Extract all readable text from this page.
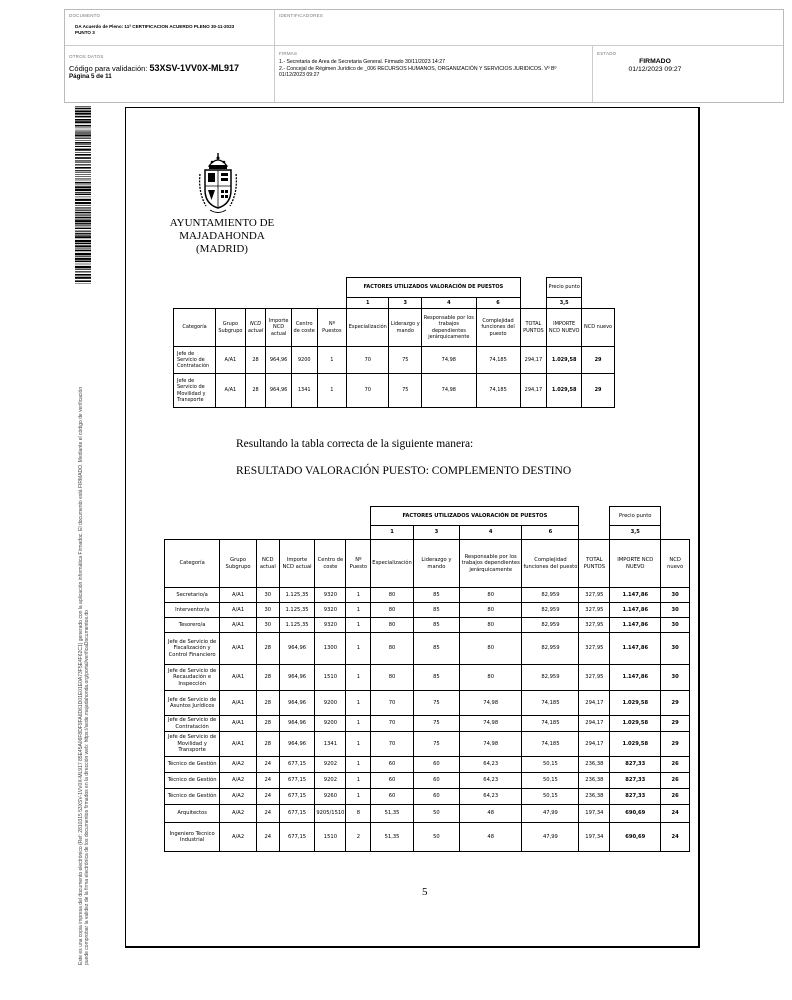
DOCUMENTO
DA Acuerdo de Pleno: 11ª CERTIFICACION ACUERDO PLENO 30-11-2023
PUNTO 3
IDENTIFICADORES
OTROS DATOS
Código para validación: 53XSV-1VV0X-ML917
Página 5 de 11
FIRMAS
1.- Secretaria de Area de Secretaria General. Firmado 30/11/2023 14:27
2.- Concejal de Régimen Jurídico de _006 RECURSOS HUMANOS, ORGANIZACIÓN Y SERVICIOS JURIDICOS. Vº Bº
01/12/2023 09:27
ESTADO
FIRMADO
01/12/2023 09:27
Este es una copia impresa del documento electrónico (Ref: 2810315 53XSV-1VV0X-ML917 85E45A06F8DF9FA6D61D01E01E0A73F5E4F62C1) generado con la aplicación informática Firmadoc. El documento está FIRMADO. Mediante el código de verificación puede comprobar la validez de la firma electrónica de los documentos firmados en la dirección web: https://sede.majadahonda.org/portal/verificaDocumentos.do
AYUNTAMIENTO DE
MAJADAHONDA
(MADRID)
						FACTORES UTILIZADOS VALORACIÓN DE PUESTOS					Precio punto	
						1	3	4	6		3,5	
Categoría	Grupo Subgrupo	NCD actual	Importe NCD actual	Centro de coste	Nº Puestos	Especialización	Liderazgo y mando	Responsable por los trabajos dependientes jerárquicamente	Complejidad funciones del puesto	TOTAL PUNTOS	IMPORTE NCD NUEVO	NCD nuevo
Jefe de Servicio de Contratación	A/A1	28	964,96	9200	1	70	75	74,98	74,185	294,17	1.029,58	29
Jefe de Servicio de Movilidad y Transporte	A/A1	28	964,96	1341	1	70	75	74,98	74,185	294,17	1.029,58	29
Resultando la tabla correcta de la siguiente manera:
RESULTADO VALORACIÓN PUESTO: COMPLEMENTO DESTINO
						FACTORES UTILIZADOS VALORACIÓN DE PUESTOS					Precio punto	
						1	3	4	6		3,5	
Categoría	Grupo Subgrupo	NCD actual	Importe NCD actual	Centro de coste	Nº Puesto	Especialización	Liderazgo y mando	Responsable por los trabajos dependientes jerárquicamente	Complejidad funciones del puesto	TOTAL PUNTOS	IMPORTE NCD NUEVO	NCD nuevo
Secretario/a	A/A1	30	1.125,35	9320	1	80	85	80	82,959	327,95	1.147,86	30
Interventor/a	A/A1	30	1.125,35	9320	1	80	85	80	82,959	327,95	1.147,86	30
Tesorero/a	A/A1	30	1.125,35	9320	1	80	85	80	82,959	327,95	1.147,86	30
Jefe de Servicio de Fiscalización y Control Financiero	A/A1	28	964,96	1300	1	80	85	80	82,959	327,95	1.147,86	30
Jefe de Servicio de Recaudación e Inspección	A/A1	28	964,96	1510	1	80	85	80	82,959	327,95	1.147,86	30
Jefe de Servicio de Asuntos Jurídicos	A/A1	28	964,96	9200	1	70	75	74,98	74,185	294,17	1.029,58	29
Jefe de Servicio de Contratación	A/A1	28	964,96	9200	1	70	75	74,98	74,185	294,17	1.029,58	29
Jefe de Servicio de Movilidad y Transporte	A/A1	28	964,96	1341	1	70	75	74,98	74,185	294,17	1.029,58	29
Técnico de Gestión	A/A2	24	677,15	9202	1	60	60	64,23	50,15	236,38	827,33	26
Técnico de Gestión	A/A2	24	677,15	9202	1	60	60	64,23	50,15	236,38	827,33	26
Técnico de Gestión	A/A2	24	677,15	9260	1	60	60	64,23	50,15	236,38	827,33	26
Arquitectos	A/A2	24	677,15	9205/1510	8	51,35	50	48	47,99	197,34	690,69	24
Ingeniero Técnico Industrial	A/A2	24	677,15	1510	2	51,35	50	48	47,99	197,34	690,69	24
5
